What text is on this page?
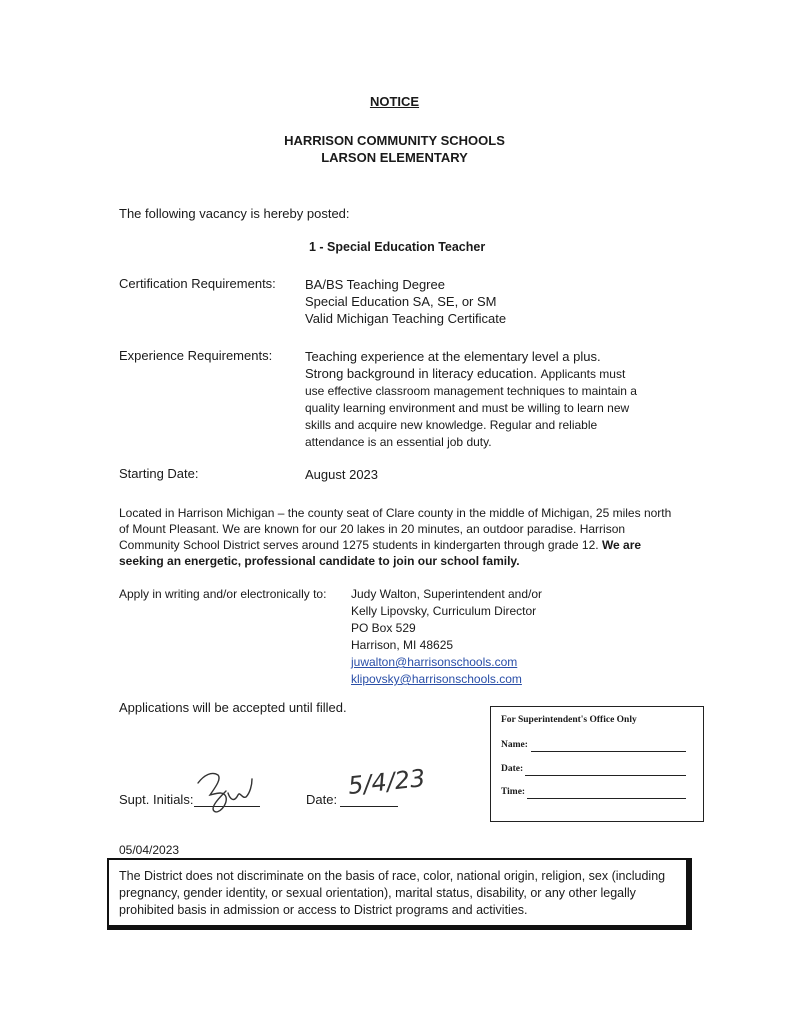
NOTICE
HARRISON COMMUNITY SCHOOLS
LARSON ELEMENTARY
The following vacancy is hereby posted:
1 - Special Education Teacher
Certification Requirements: BA/BS Teaching Degree
Special Education SA, SE, or SM
Valid Michigan Teaching Certificate
Experience Requirements:	Teaching experience at the elementary level a plus.
Strong background in literacy education. Applicants must
use effective classroom management techniques to maintain a
quality learning environment and must be willing to learn new
skills and acquire new knowledge. Regular and reliable
attendance is an essential job duty.
Starting Date:	August 2023
Located in Harrison Michigan – the county seat of Clare county in the middle of Michigan, 25 miles north of Mount Pleasant. We are known for our 20 lakes in 20 minutes, an outdoor paradise. Harrison Community School District serves around 1275 students in kindergarten through grade 12. We are seeking an energetic, professional candidate to join our school family.
Apply in writing and/or electronically to: Judy Walton, Superintendent and/or
Kelly Lipovsky, Curriculum Director
PO Box 529
Harrison, MI 48625
juwalton@harrisonschools.com
klipovsky@harrisonschools.com
Applications will be accepted until filled.
For Superintendent's Office Only
Name:
Date:
Time:
Supt. Initials:	Date: 5/4/23
05/04/2023
The District does not discriminate on the basis of race, color, national origin, religion, sex (including pregnancy, gender identity, or sexual orientation), marital status, disability, or any other legally prohibited basis in admission or access to District programs and activities.
